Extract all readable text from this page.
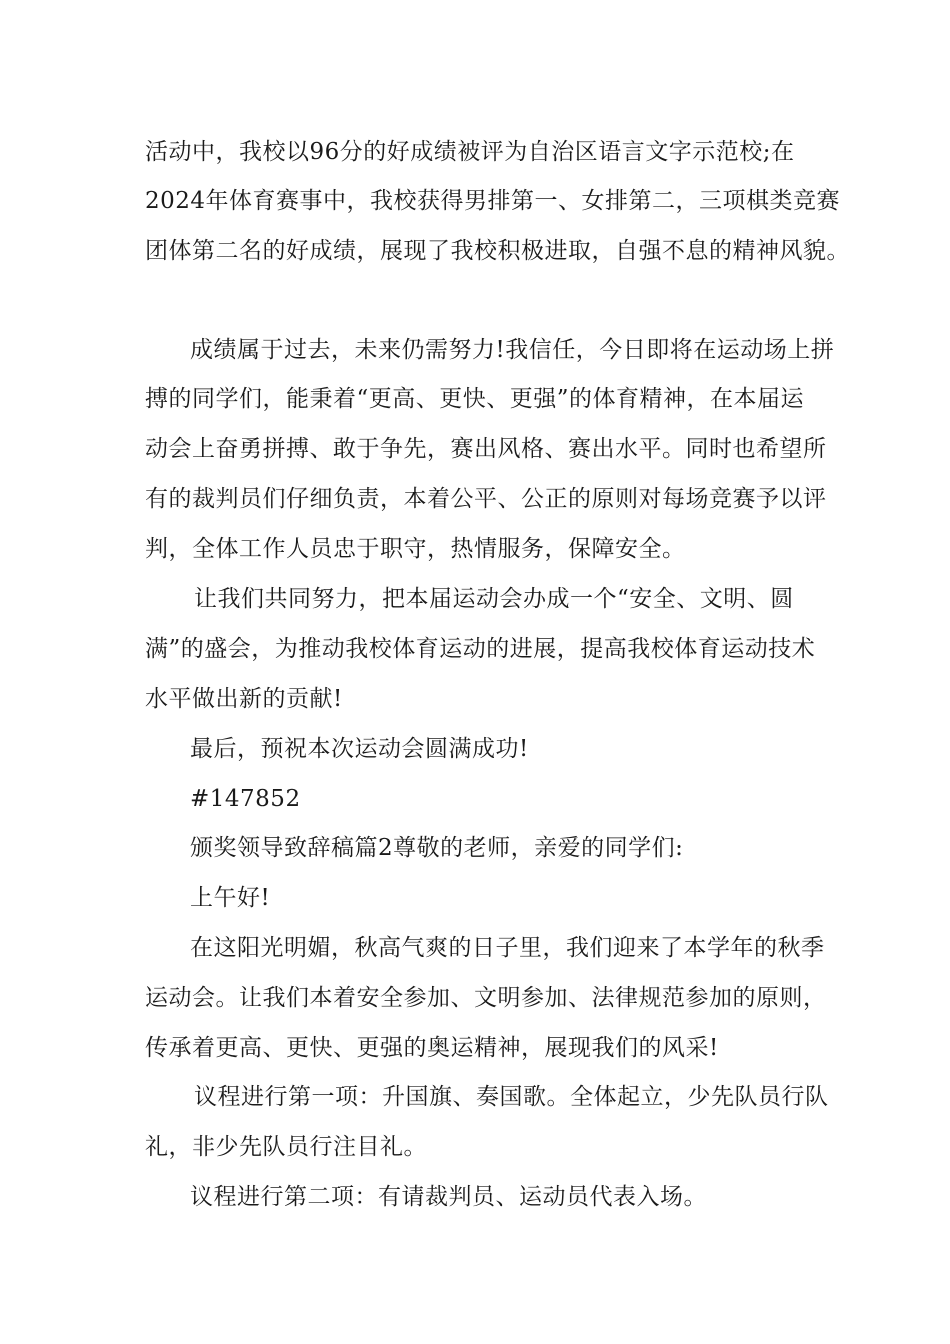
活动中，我校以96分的好成绩被评为自治区语言文字示范校;在
2024年体育赛事中，我校获得男排第一、女排第二，三项棋类竞赛
团体第二名的好成绩，展现了我校积极进取，自强不息的精神风貌。
成绩属于过去，未来仍需努力!我信任，今日即将在运动场上拼
搏的同学们，能秉着“更高、更快、更强”的体育精神，在本届运
动会上奋勇拼搏、敢于争先，赛出风格、赛出水平。同时也希望所
有的裁判员们仔细负责，本着公平、公正的原则对每场竞赛予以评
判，全体工作人员忠于职守，热情服务，保障安全。
让我们共同努力，把本届运动会办成一个“安全、文明、圆
满”的盛会，为推动我校体育运动的进展，提高我校体育运动技术
水平做出新的贡献!
最后，预祝本次运动会圆满成功!
#147852
颁奖领导致辞稿篇2尊敬的老师，亲爱的同学们:
上午好!
在这阳光明媚，秋高气爽的日子里，我们迎来了本学年的秋季
运动会。让我们本着安全参加、文明参加、法律规范参加的原则，
传承着更高、更快、更强的奥运精神，展现我们的风采!
议程进行第一项：升国旗、奏国歌。全体起立，少先队员行队
礼，非少先队员行注目礼。
议程进行第二项：有请裁判员、运动员代表入场。
